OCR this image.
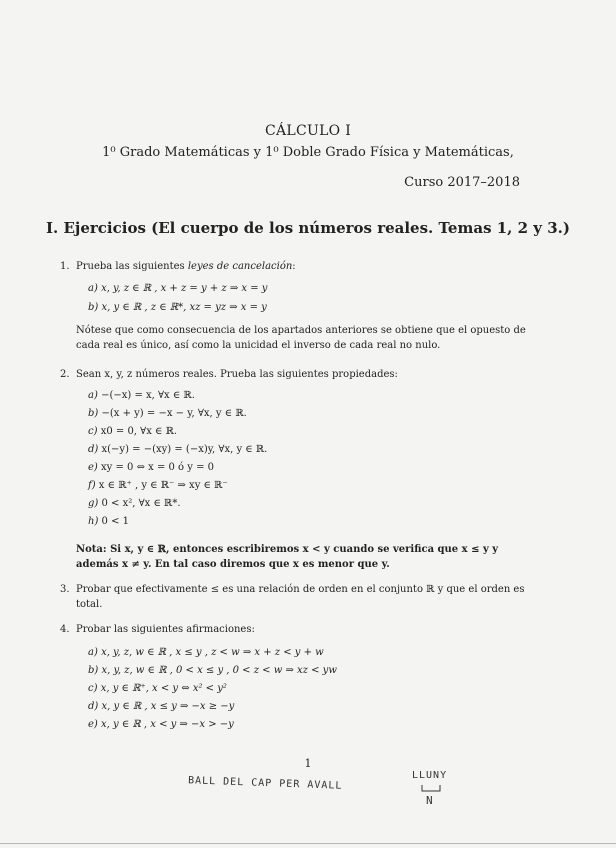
CÁLCULO I
1⁰ Grado Matemáticas y 1⁰ Doble Grado Física y Matemáticas,
Curso 2017–2018
I. Ejercicios (El cuerpo de los números reales. Temas 1, 2 y 3.)
1. Prueba las siguientes leyes de cancelación:
a) x, y, z ∈ ℝ , x + z = y + z ⇒ x = y
b) x, y ∈ ℝ , z ∈ ℝ*, xz = yz ⇒ x = y
Nótese que como consecuencia de los apartados anteriores se obtiene que el opuesto de
cada real es único, así como la unicidad el inverso de cada real no nulo.
2. Sean x, y, z números reales. Prueba las siguientes propiedades:
a) −(−x) = x, ∀x ∈ ℝ.
b) −(x + y) = −x − y, ∀x, y ∈ ℝ.
c) x0 = 0, ∀x ∈ ℝ.
d) x(−y) = −(xy) = (−x)y, ∀x, y ∈ ℝ.
e) xy = 0 ⇔ x = 0 ó y = 0
f) x ∈ ℝ⁺ , y ∈ ℝ⁻ ⇒ xy ∈ ℝ⁻
g) 0 < x², ∀x ∈ ℝ*.
h) 0 < 1
Nota: Si x, y ∈ ℝ, entonces escribiremos x < y cuando se verifica que x ≤ y y
además x ≠ y. En tal caso diremos que x es menor que y.
3. Probar que efectivamente ≤ es una relación de orden en el conjunto ℝ y que el orden es
total.
4. Probar las siguientes afirmaciones:
a) x, y, z, w ∈ ℝ , x ≤ y , z < w ⇒ x + z < y + w
b) x, y, z, w ∈ ℝ , 0 < x ≤ y , 0 < z < w ⇒ xz < yw
c) x, y ∈ ℝ⁺, x < y ⇔ x² < y²
d) x, y ∈ ℝ , x ≤ y ⇒ −x ≥ −y
e) x, y ∈ ℝ , x < y ⇒ −x > −y
1
BALL DEL CAP PER AVALL	LLUNY
N
